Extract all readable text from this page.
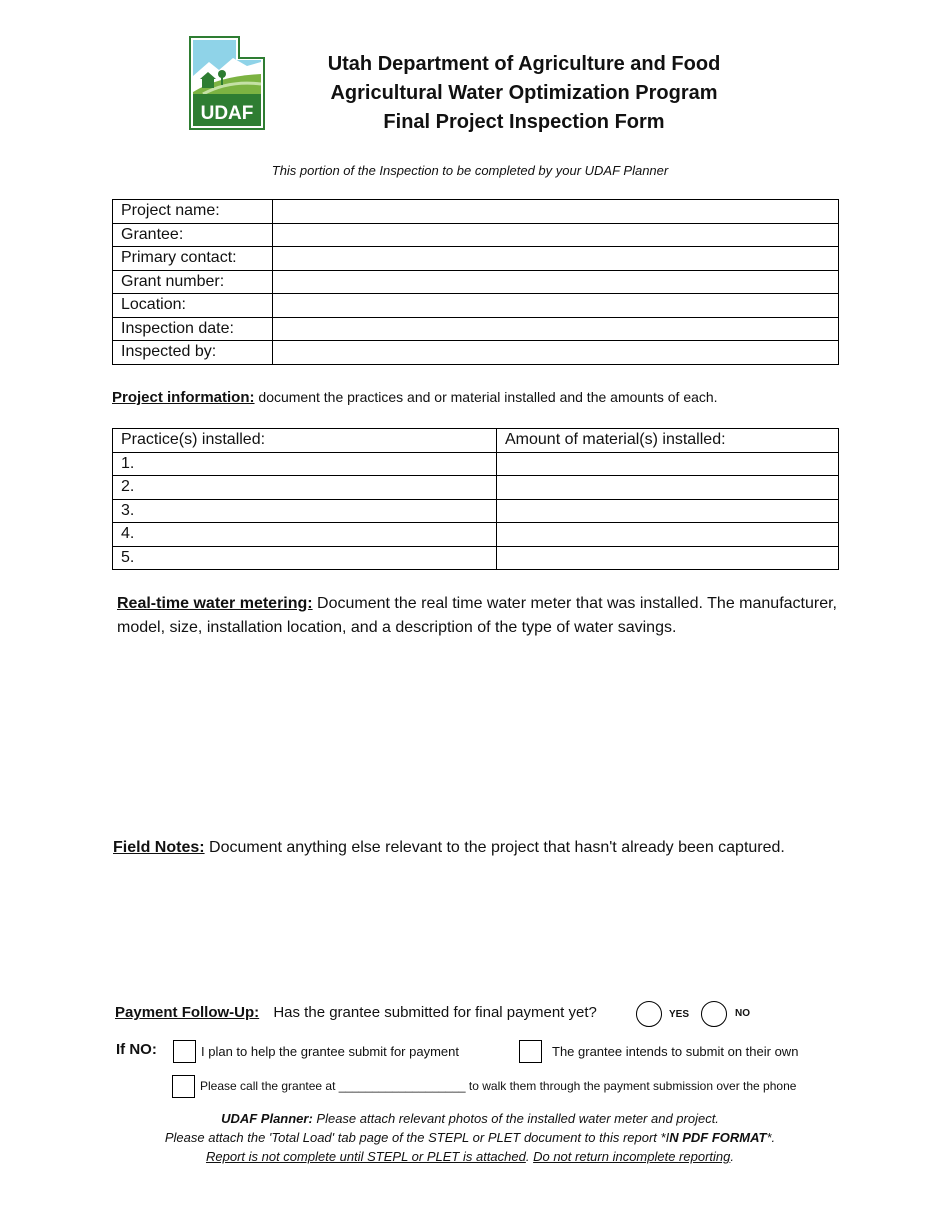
UDAF
Utah Department of Agriculture and Food
Agricultural Water Optimization Program
Final Project Inspection Form
This portion of the Inspection to be completed by your UDAF Planner
Project name:	
Grantee:	
Primary contact:	
Grant number:	
Location:	
Inspection date:	
Inspected by:	
Project information: document the practices and or material installed and the amounts of each.
Practice(s) installed:	Amount of material(s) installed:
1.	
2.	
3.	
4.	
5.	
Real-time water metering: Document the real time water meter that was installed. The manufacturer, model, size, installation location, and a description of the type of water savings.
Field Notes: Document anything else relevant to the project that hasn't already been captured.
Payment Follow-Up: Has the grantee submitted for final payment yet?	YES	NO
If NO:	I plan to help the grantee submit for payment	The grantee intends to submit on their own
Please call the grantee at ___________________ to walk them through the payment submission over the phone
UDAF Planner: Please attach relevant photos of the installed water meter and project.
Please attach the 'Total Load' tab page of the STEPL or PLET document to this report *IN PDF FORMAT*.
Report is not complete until STEPL or PLET is attached. Do not return incomplete reporting.
